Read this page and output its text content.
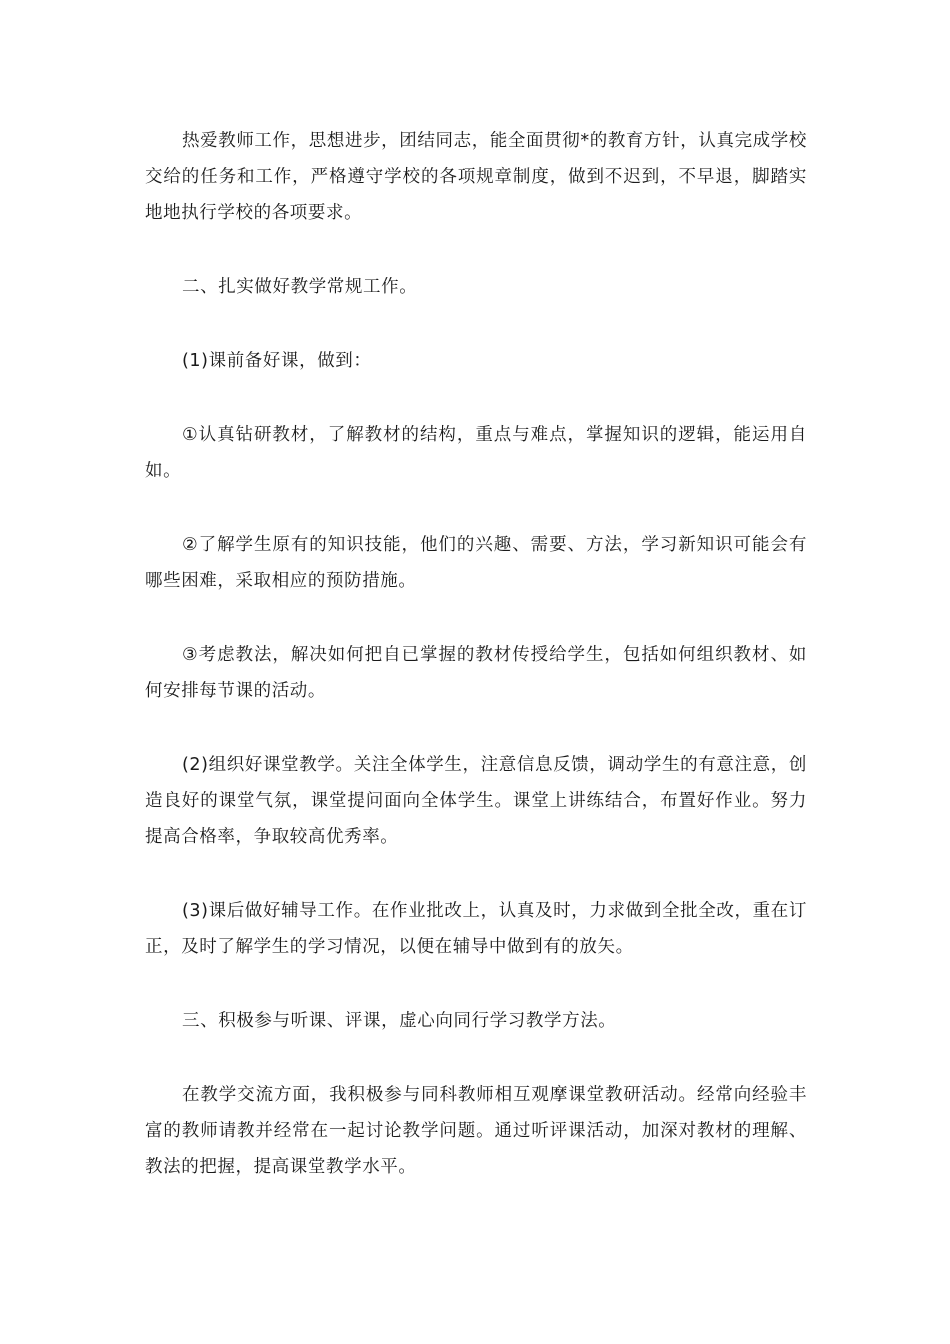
热爱教师工作，思想进步，团结同志，能全面贯彻*的教育方针，认真完成学校交给的任务和工作，严格遵守学校的各项规章制度，做到不迟到，不早退，脚踏实地地执行学校的各项要求。

二、扎实做好教学常规工作。

(1)课前备好课，做到：

①认真钻研教材，了解教材的结构，重点与难点，掌握知识的逻辑，能运用自如。

②了解学生原有的知识技能，他们的兴趣、需要、方法，学习新知识可能会有哪些困难，采取相应的预防措施。

③考虑教法，解决如何把自已掌握的教材传授给学生，包括如何组织教材、如何安排每节课的活动。

(2)组织好课堂教学。关注全体学生，注意信息反馈，调动学生的有意注意，创造良好的课堂气氛，课堂提问面向全体学生。课堂上讲练结合，布置好作业。努力提高合格率，争取较高优秀率。

(3)课后做好辅导工作。在作业批改上，认真及时，力求做到全批全改，重在订正，及时了解学生的学习情况，以便在辅导中做到有的放矢。

三、积极参与听课、评课，虚心向同行学习教学方法。

在教学交流方面，我积极参与同科教师相互观摩课堂教研活动。经常向经验丰富的教师请教并经常在一起讨论教学问题。通过听评课活动，加深对教材的理解、教法的把握，提高课堂教学水平。
